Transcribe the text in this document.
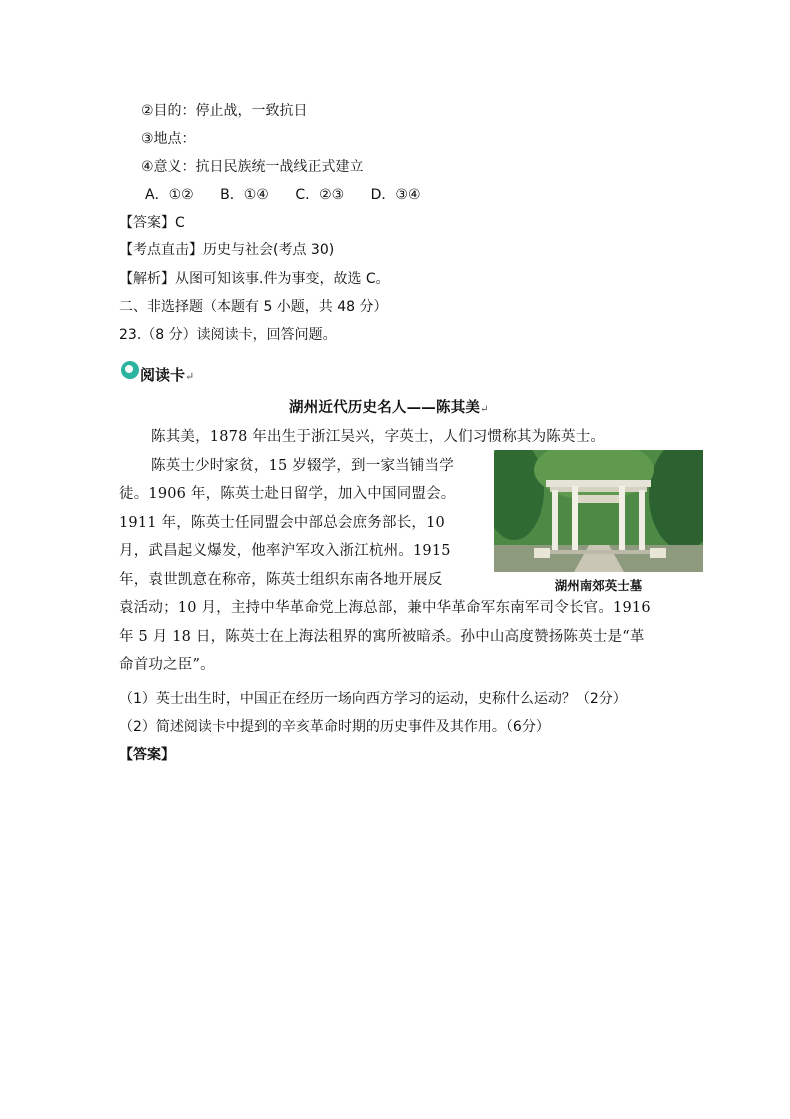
②目的：停止战，一致抗日
③地点：
④意义：抗日民族统一战线正式建立
A．①② B．①④ C．②③ D．③④
【答案】C
【考点直击】历史与社会(考点 30)
【解析】从图可知该事.件为事变，故选 C。
二、非选择题（本题有 5 小题，共 48 分）
23.（8 分）读阅读卡，回答问题。
阅读卡↵
湖州近代历史名人——陈其美↵
陈其美，1878 年出生于浙江吴兴，字英士，人们习惯称其为陈英士。
陈英士少时家贫，15 岁辍学，到一家当铺当学
徒。1906 年，陈英士赴日留学，加入中国同盟会。
1911 年，陈英士任同盟会中部总会庶务部长，10
月，武昌起义爆发，他率沪军攻入浙江杭州。1915
年，袁世凯意在称帝，陈英士组织东南各地开展反
袁活动；10 月，主持中华革命党上海总部，兼中华革命军东南军司令长官。1916
年 5 月 18 日，陈英士在上海法租界的寓所被暗杀。孙中山高度赞扬陈英士是“革
命首功之臣”。
湖州南郊英士墓
（1）英士出生时，中国正在经历一场向西方学习的运动，史称什么运动？（2分）
（2）简述阅读卡中提到的辛亥革命时期的历史事件及其作用。（6分）
【答案】
